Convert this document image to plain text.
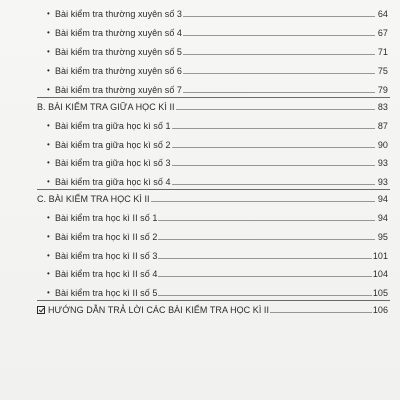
• Bài kiểm tra thường xuyên số 3	64
• Bài kiểm tra thường xuyên số 4	67
• Bài kiểm tra thường xuyên số 5	71
• Bài kiểm tra thường xuyên số 6	75
• Bài kiểm tra thường xuyên số 7	79
B. BÀI KIỂM TRA GIỮA HỌC KÌ II	83
• Bài kiểm tra giữa học kì số 1	87
• Bài kiểm tra giữa học kì số 2	90
• Bài kiểm tra giữa học kì số 3	93
• Bài kiểm tra giữa học kì số 4	93
C. BÀI KIỂM TRA HỌC KÌ II	94
• Bài kiểm tra học kì II số 1	94
• Bài kiểm tra học kì II số 2	95
• Bài kiểm tra học kì II số 3	101
• Bài kiểm tra học kì II số 4	104
• Bài kiểm tra học kì II số 5	105
HƯỚNG DẪN TRẢ LỜI CÁC BÀI KIỂM TRA HỌC KÌ II	106
